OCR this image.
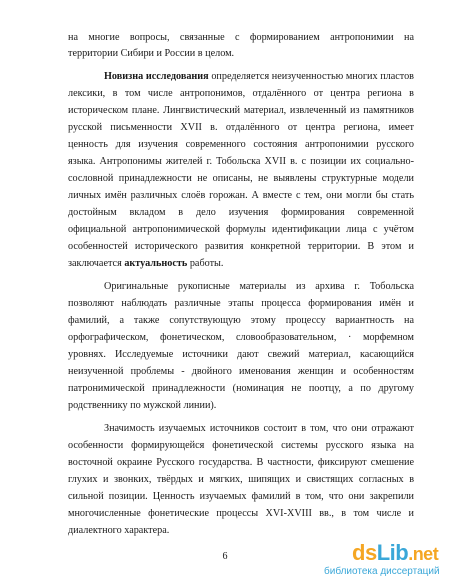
на многие вопросы, связанные с формированием антропонимии на
территории Сибири и России в целом.
Новизна исследования определяется неизученностью многих пластов
лексики, в том числе антропонимов, отдалённого от центра региона в
историческом плане. Лингвистический материал, извлеченный из памятников
русской письменности XVII в. отдалённого от центра региона, имеет
ценность для изучения современного состояния антропонимии русского
языка. Антропонимы жителей г. Тобольска XVII в. с позиции их социально-
сословной принадлежности не описаны, не выявлены структурные модели
личных имён различных слоёв горожан. А вместе с тем, они могли бы стать
достойным вкладом в дело изучения формирования современной
официальной антропонимической формулы идентификации лица с учётом
особенностей исторического развития конкретной территории. В этом и
заключается актуальность работы.
Оригинальные рукописные материалы из архива г. Тобольска
позволяют наблюдать различные этапы процесса формирования имён и
фамилий, а также сопутствующую этому процессу вариантность на
орфографическом, фонетическом, словообразовательном, · морфемном
уровнях. Исследуемые источники дают свежий материал, касающийся
неизученной проблемы - двойного именования женщин и особенностям
патронимической принадлежности (номинация не поотцу, а по другому
родственнику по мужской линии).
Значимость изучаемых источников состоит в том, что они отражают
особенности формирующейся фонетической системы русского языка на
восточной окраине Русского государства. В частности, фиксируют смешение
глухих и звонких, твёрдых и мягких, шипящих и свистящих согласных в
сильной позиции. Ценность изучаемых фамилий в том, что они закрепили
многочисленные фонетические процессы XVI-XVIII вв., в том числе и
диалектного характера.
6	dsLib.net
библиотека диссертаций
